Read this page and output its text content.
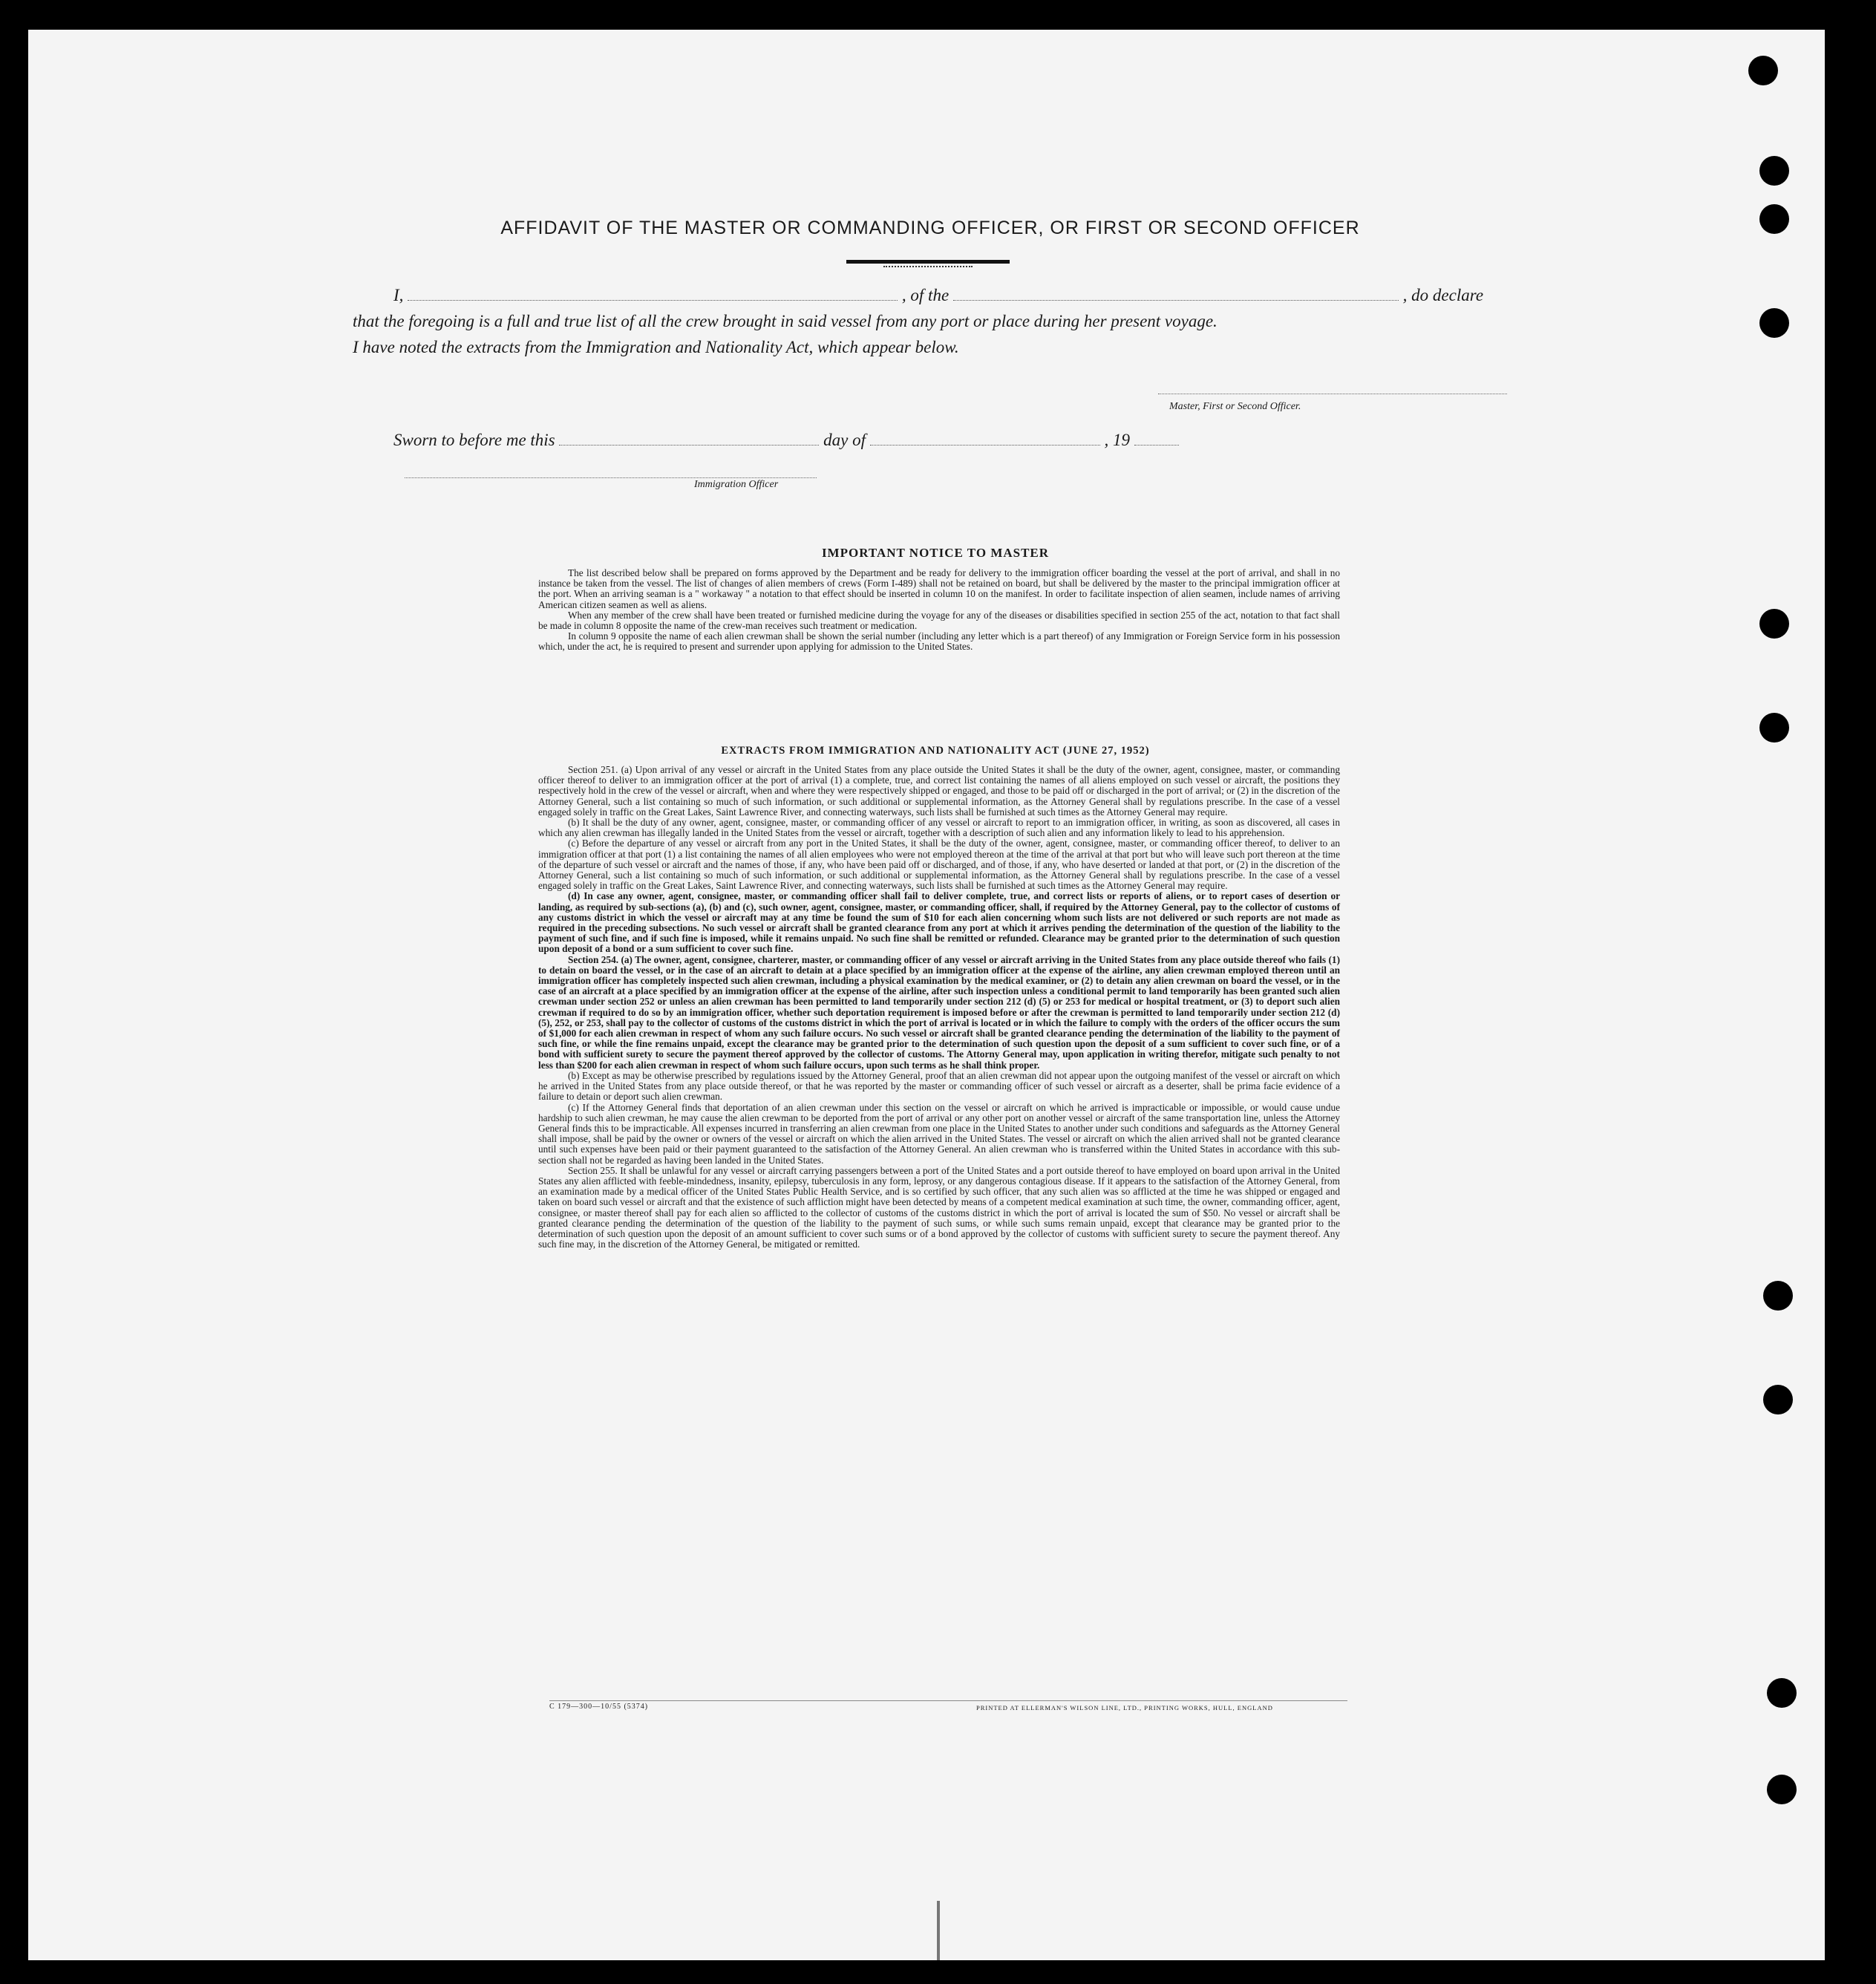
AFFIDAVIT OF THE MASTER OR COMMANDING OFFICER, OR FIRST OR SECOND OFFICER
I,	, of the	, do declare
that the foregoing is a full and true list of all the crew brought in said vessel from any port or place during her present voyage.
I have noted the extracts from the Immigration and Nationality Act, which appear below.
Master, First or Second Officer.
Sworn to before me this	day of	, 19
Immigration Officer
IMPORTANT NOTICE TO MASTER

The list described below shall be prepared on forms approved by the Department and be ready for delivery to the immigration officer boarding the vessel at the port of arrival, and shall in no instance be taken from the vessel. The list of changes of alien members of crews (Form I-489) shall not be retained on board, but shall be delivered by the master to the principal immigration officer at the port. When an arriving seaman is a " workaway " a notation to that effect should be inserted in column 10 on the manifest. In order to facilitate inspection of alien seamen, include names of arriving American citizen seamen as well as aliens.

When any member of the crew shall have been treated or furnished medicine during the voyage for any of the diseases or disabilities specified in section 255 of the act, notation to that fact shall be made in column 8 opposite the name of the crew-man receives such treatment or medication.

In column 9 opposite the name of each alien crewman shall be shown the serial number (including any letter which is a part thereof) of any Immigration or Foreign Service form in his possession which, under the act, he is required to present and surrender upon applying for admission to the United States.

EXTRACTS FROM IMMIGRATION AND NATIONALITY ACT (JUNE 27, 1952)

Section 251. (a) Upon arrival of any vessel or aircraft in the United States from any place outside the United States it shall be the duty of the owner, agent, consignee, master, or commanding officer thereof to deliver to an immigration officer at the port of arrival (1) a complete, true, and correct list containing the names of all aliens employed on such vessel or aircraft, the positions they respectively hold in the crew of the vessel or aircraft, when and where they were respectively shipped or engaged, and those to be paid off or discharged in the port of arrival; or (2) in the discretion of the Attorney General, such a list containing so much of such information, or such additional or supplemental information, as the Attorney General shall by regulations prescribe. In the case of a vessel engaged solely in traffic on the Great Lakes, Saint Lawrence River, and connecting waterways, such lists shall be furnished at such times as the Attorney General may require.

(b) It shall be the duty of any owner, agent, consignee, master, or commanding officer of any vessel or aircraft to report to an immigration officer, in writing, as soon as discovered, all cases in which any alien crewman has illegally landed in the United States from the vessel or aircraft, together with a description of such alien and any information likely to lead to his apprehension.

(c) Before the departure of any vessel or aircraft from any port in the United States, it shall be the duty of the owner, agent, consignee, master, or commanding officer thereof, to deliver to an immigration officer at that port (1) a list containing the names of all alien employees who were not employed thereon at the time of the arrival at that port but who will leave such port thereon at the time of the departure of such vessel or aircraft and the names of those, if any, who have been paid off or discharged, and of those, if any, who have deserted or landed at that port, or (2) in the discretion of the Attorney General, such a list containing so much of such information, or such additional or supplemental information, as the Attorney General shall by regulations prescribe. In the case of a vessel engaged solely in traffic on the Great Lakes, Saint Lawrence River, and connecting waterways, such lists shall be furnished at such times as the Attorney General may require.

(d) In case any owner, agent, consignee, master, or commanding officer shall fail to deliver complete, true, and correct lists or reports of aliens, or to report cases of desertion or landing, as required by sub-sections (a), (b) and (c), such owner, agent, consignee, master, or commanding officer, shall, if required by the Attorney General, pay to the collector of customs of any customs district in which the vessel or aircraft may at any time be found the sum of $10 for each alien concerning whom such lists are not delivered or such reports are not made as required in the preceding subsections. No such vessel or aircraft shall be granted clearance from any port at which it arrives pending the determination of the question of the liability to the payment of such fine, and if such fine is imposed, while it remains unpaid. No such fine shall be remitted or refunded. Clearance may be granted prior to the determination of such question upon deposit of a bond or a sum sufficient to cover such fine.

Section 254. (a) The owner, agent, consignee, charterer, master, or commanding officer of any vessel or aircraft arriving in the United States from any place outside thereof who fails (1) to detain on board the vessel, or in the case of an aircraft to detain at a place specified by an immigration officer at the expense of the airline, any alien crewman employed thereon until an immigration officer has completely inspected such alien crewman, including a physical examination by the medical examiner, or (2) to detain any alien crewman on board the vessel, or in the case of an aircraft at a place specified by an immigration officer at the expense of the airline, after such inspection unless a conditional permit to land temporarily has been granted such alien crewman under section 252 or unless an alien crewman has been permitted to land temporarily under section 212 (d) (5) or 253 for medical or hospital treatment, or (3) to deport such alien crewman if required to do so by an immigration officer, whether such deportation requirement is imposed before or after the crewman is permitted to land temporarily under section 212 (d) (5), 252, or 253, shall pay to the collector of customs of the customs district in which the port of arrival is located or in which the failure to comply with the orders of the officer occurs the sum of $1,000 for each alien crewman in respect of whom any such failure occurs. No such vessel or aircraft shall be granted clearance pending the determination of the liability to the payment of such fine, or while the fine remains unpaid, except the clearance may be granted prior to the determination of such question upon the deposit of a sum sufficient to cover such fine, or of a bond with sufficient surety to secure the payment thereof approved by the collector of customs. The Attorny General may, upon application in writing therefor, mitigate such penalty to not less than $200 for each alien crewman in respect of whom such failure occurs, upon such terms as he shall think proper.

(b) Except as may be otherwise prescribed by regulations issued by the Attorney General, proof that an alien crewman did not appear upon the outgoing manifest of the vessel or aircraft on which he arrived in the United States from any place outside thereof, or that he was reported by the master or commanding officer of such vessel or aircraft as a deserter, shall be prima facie evidence of a failure to detain or deport such alien crewman.

(c) If the Attorney General finds that deportation of an alien crewman under this section on the vessel or aircraft on which he arrived is impracticable or impossible, or would cause undue hardship to such alien crewman, he may cause the alien crewman to be deported from the port of arrival or any other port on another vessel or aircraft of the same transportation line, unless the Attorney General finds this to be impracticable. All expenses incurred in transferring an alien crewman from one place in the United States to another under such conditions and safeguards as the Attorney General shall impose, shall be paid by the owner or owners of the vessel or aircraft on which the alien arrived in the United States. The vessel or aircraft on which the alien arrived shall not be granted clearance until such expenses have been paid or their payment guaranteed to the satisfaction of the Attorney General. An alien crewman who is transferred within the United States in accordance with this sub-section shall not be regarded as having been landed in the United States.

Section 255. It shall be unlawful for any vessel or aircraft carrying passengers between a port of the United States and a port outside thereof to have employed on board upon arrival in the United States any alien afflicted with feeble-mindedness, insanity, epilepsy, tuberculosis in any form, leprosy, or any dangerous contagious disease. If it appears to the satisfaction of the Attorney General, from an examination made by a medical officer of the United States Public Health Service, and is so certified by such officer, that any such alien was so afflicted at the time he was shipped or engaged and taken on board such vessel or aircraft and that the existence of such affliction might have been detected by means of a competent medical examination at such time, the owner, commanding officer, agent, consignee, or master thereof shall pay for each alien so afflicted to the collector of customs of the customs district in which the port of arrival is located the sum of $50. No vessel or aircraft shall be granted clearance pending the determination of the question of the liability to the payment of such sums, or while such sums remain unpaid, except that clearance may be granted prior to the determination of such question upon the deposit of an amount sufficient to cover such sums or of a bond approved by the collector of customs with sufficient surety to secure the payment thereof. Any such fine may, in the discretion of the Attorney General, be mitigated or remitted.

C 179—300—10/55 (5374)	PRINTED AT ELLERMAN'S WILSON LINE, LTD., PRINTING WORKS, HULL, ENGLAND
